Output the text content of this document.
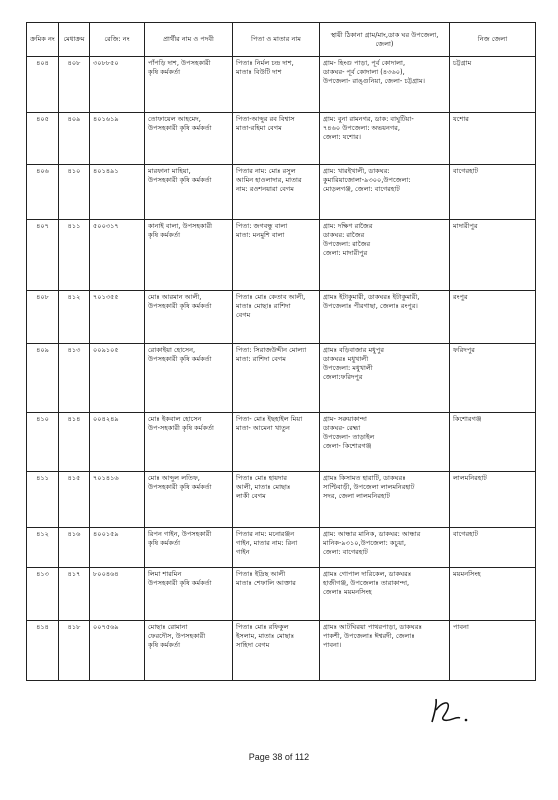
ক্রমিক নং	মেধাক্রম	রেজি: নং	প্রার্থীর নাম ও পদবী	পিতা ও মাতার নাম	স্থায়ী ঠিকানা গ্রাম/মাং,ডাক ঘর উপজেলা, জেলা)	নিজ জেলা
৪০৪	৪০৮	৩০৮৮৫০	পাঁপড়ি দাশ, উপসহকারী
কৃষি কর্মকর্তা	পিতাঃ নির্মল চন্দ্র দাশ,
মাতাঃ বিউটি দাশ	গ্রাম- হিংগু পাড়া, পূর্ব কোদালা,
ডাকঘর- পূর্ব কোদালা (৪৩৬০),
উপজেলা- রাঙ্গুনিয়া, জেলা- চট্টগ্রাম।	চট্টগ্রাম
৪০৫	৪০৯	৪০১৬১৯	তোফায়েল আহমেদ,
উপসহকারী কৃষি কর্মকর্তা	পিতা-আব্দুর রব বিশ্বাস
মাতা-রহিমা বেগম	গ্রাম: বুনা রামনগর, ডাক: বাঘুটিয়া-
৭৪৬০ উপজেলা: অভয়নগর,
জেলা: যশোর।	যশোর
৪০৬	৪১০	৪০১৪৯১	মারফানা মাহিয়া,
উপসহকারী কৃষি কর্মকর্তা	পিতার নাম: মোঃ রসুল
আমিন হাওলাদার, মাতার
নাম: রওশনয়ারা বেগম	গ্রাম: খারইখালী, ডাকঘর:
কুমারিয়াজোলা-৯৩০০,উপজেলা:
মোড়লগঞ্জ, জেলা: বাগেরহাট	বাগেরহাট
৪০৭	৪১১	৫০০৩১৭	কানাই বালা, উপসহকারী
কৃষি কর্মকর্তা	পিতা: জগবন্ধু বালা
মাতা: মনমুশি বালা	গ্রাম: দক্ষিণ রাজৈর
ডাকঘর: রাজৈর
উপজেলা: রাজৈর
জেলা: মাদারীপুর	মাদারীপুর
৪০৮	৪১২	৭০১৩৫৫	মোঃ আরমান আলী,
উপসহকারী কৃষি কর্মকর্তা	পিতাঃ মোঃ কেতাব আলী,
মাতাঃ মোছাঃ রাশিদা
বেগম	গ্রামঃ ইটাকুমারী, ডাকঘরঃ ইটাকুমারী,
উপজেলাঃ পীরগাছা, জেলাঃ রংপুর।	রংপুর
৪০৯	৪১৩	০০৯১০৫	রোকাইয়া হোসেন,
উপসহকারী কৃষি কর্মকর্তা	পিতা: সিরাজউদ্দীন মোল্যা
মাতা: রাশিদা বেগম	গ্রামঃ বড়িবাজার মধুপুর
ডাকঘরঃ মধুখালী
উপজেলা: মধুখালী
জেলা:ফরিদপুর	ফরিদপুর
৪১০	৪১৪	০০৪২৪৯	মোঃ ইকবাল হোসেন
উপ-সহকারী কৃষি কর্মকর্তা	পিতা- মোঃ ইছহাইল মিয়া
মাতা- আমেনা খাতুন	গ্রাম- সরুয়াকান্দা
ডাকঘর- রেহ্মা
উপজেলা- তাড়াইল
জেলা- কিশোরগঞ্জ	কিশোরগঞ্জ
৪১১	৪১৫	৭০১৪১৬	মোঃ আব্দুল লতিফ,
উপসহকারী কৃষি কর্মকর্তা	পিতাঃ মোঃ হায়দার
আলী, মাতাঃ মোছাঃ
লাকী বেগম	গ্রামঃ কিসামত হারাটি, ডাকঘরঃ
সাপ্টিবাড়ী, উপজেলা লালমনিরহাট
সদর, জেলা লালমনিরহাট	লালমনিরহাট
৪১২	৪১৬	৪০০১৫৯	রিপন গাইন, উপসহকারী
কৃষি কর্মকর্তা	পিতার নাম: মনোরঞ্জন
গাইন, মাতার নাম: রিনা
গাইন	গ্রাম: আন্ধার মানিক, ডাকঘর: আন্ধার
মানিক-৯৩১০,উপজেলা: কচুয়া,
জেলা: বাগেরহাট	বাগেরহাট
৪১৩	৪১৭	৮০০৪৬৪	লিমা শারমিন
উপসহকারী কৃষি কর্মকর্তা	পিতাঃ ইদ্রিছ আলী
মাতাঃ শেফালি আক্তার	গ্রামঃ গোপাল দারিকেল, ডাকঘরঃ
হাজীগঞ্জ, উপজেলাঃ তারাকান্দা,
জেলাঃ ময়মনসিংহ	ময়মনসিংহ
৪১৪	৪১৮	০০৭৫৬৯	মোছাঃ রোমানা
ফেরদৌস, উপসহকারী
কৃষি কর্মকর্তা	পিতাঃ মোঃ রফিকুল
ইসলাম, মাতাঃ মোছাঃ
সাহিদা বেগম	গ্রামঃ আটঘিরয়া পাথরপাড়া, ডাকঘরঃ
পাকশী, উপজেলাঃ ঈশ্বরদী, জেলাঃ
পাবনা।	পাবনা
Page 38 of 112
